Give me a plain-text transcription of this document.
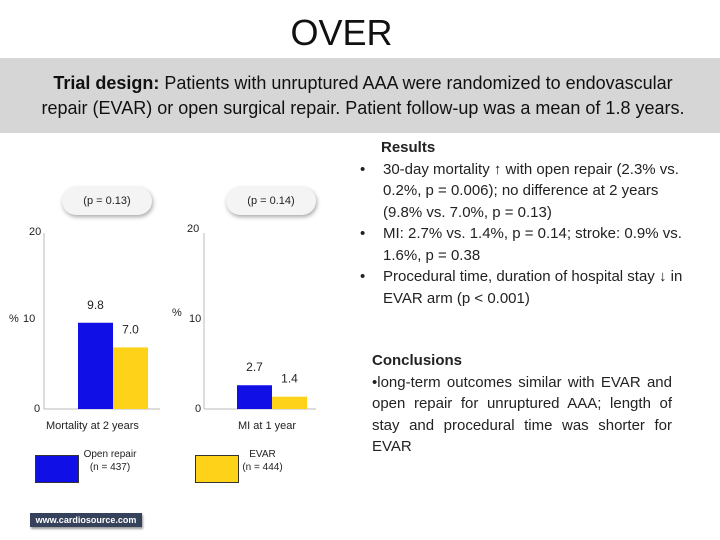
OVER
Trial design: Patients with unruptured AAA were randomized to endovascular repair (EVAR) or open surgical repair. Patient follow-up was a mean of 1.8 years.
(p = 0.13)
20
% 10
0
Mortality at 2 years
(p = 0.14)
20
% 10
0
MI at 1 year
9.8
7.0
2.7
1.4
Open repair
(n = 437)
EVAR
(n = 444)
Results
• 30-day mortality ↑ with open repair (2.3% vs. 0.2%, p = 0.006); no difference at 2 years (9.8% vs. 7.0%, p = 0.13)
• MI: 2.7% vs. 1.4%, p = 0.14; stroke: 0.9% vs. 1.6%, p = 0.38
• Procedural time, duration of hospital stay ↓ in EVAR arm (p < 0.001)
Conclusions
•long-term outcomes similar with EVAR and open repair for unruptured AAA; length of stay and procedural time was shorter for EVAR
www.cardiosource.com
